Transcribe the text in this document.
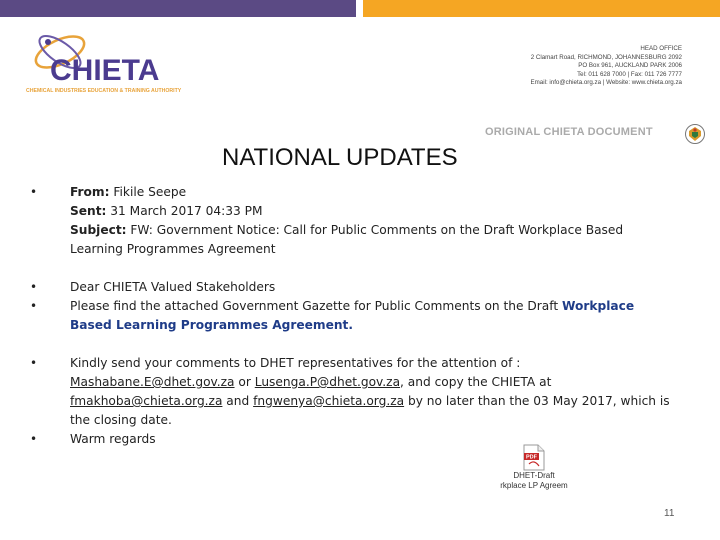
CHIETA
CHEMICAL INDUSTRIES EDUCATION & TRAINING AUTHORITY
HEAD OFFICE
2 Clamart Road, RICHMOND, JOHANNESBURG 2092
PO Box 961, AUCKLAND PARK 2006
Tel: 011 628 7000 | Fax: 011 726 7777
Email: info@chieta.org.za | Website: www.chieta.org.za
ORIGINAL CHIETA DOCUMENT
NATIONAL UPDATES
•	From: Fikile Seepe
Sent: 31 March 2017 04:33 PM
Subject: FW: Government Notice: Call for Public Comments on the Draft Workplace Based Learning Programmes Agreement
•	Dear CHIETA Valued Stakeholders
•	Please find the attached Government Gazette for Public Comments on the Draft Workplace Based Learning Programmes Agreement.
•	Kindly send your comments to DHET representatives for the attention of : Mashabane.E@dhet.gov.za or Lusenga.P@dhet.gov.za, and copy the CHIETA at fmakhoba@chieta.org.za and fngwenya@chieta.org.za by no later than the 03 May 2017, which is the closing date.
•	Warm regards
PDF
DHET-Draft
rkplace LP Agreem
11
